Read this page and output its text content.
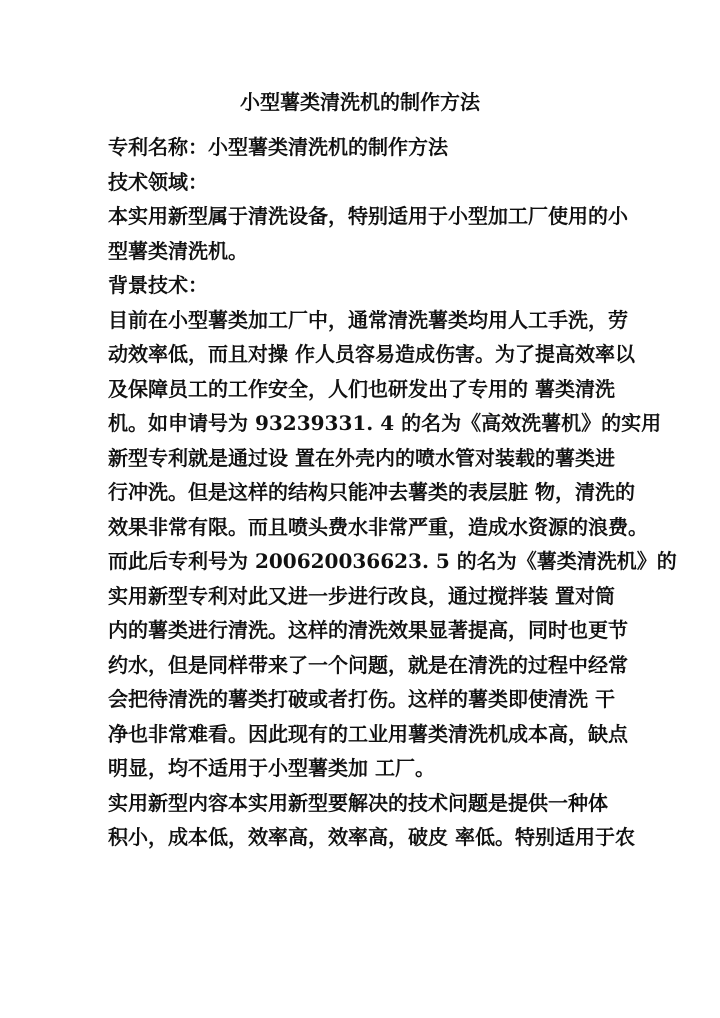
小型薯类清洗机的制作方法
专利名称：小型薯类清洗机的制作方法
技术领域：
本实用新型属于清洗设备，特别适用于小型加工厂使用的小
型薯类清洗机。
背景技术：
目前在小型薯类加工厂中，通常清洗薯类均用人工手洗，劳
动效率低，而且对操 作人员容易造成伤害。为了提高效率以
及保障员工的工作安全，人们也研发出了专用的 薯类清洗
机。如申请号为 93239331. 4 的名为《高效洗薯机》的实用
新型专利就是通过设 置在外壳内的喷水管对装载的薯类进
行冲洗。但是这样的结构只能冲去薯类的表层脏 物，清洗的
效果非常有限。而且喷头费水非常严重，造成水资源的浪费。
而此后专利号为 200620036623. 5 的名为《薯类清洗机》的
实用新型专利对此又进一步进行改良，通过搅拌装 置对筒
内的薯类进行清洗。这样的清洗效果显著提高，同时也更节
约水，但是同样带来了一个问题，就是在清洗的过程中经常
会把待清洗的薯类打破或者打伤。这样的薯类即使清洗 干
净也非常难看。因此现有的工业用薯类清洗机成本高，缺点
明显，均不适用于小型薯类加 工厂。
实用新型内容本实用新型要解决的技术问题是提供一种体
积小，成本低，效率高，效率高，破皮 率低。特别适用于农
